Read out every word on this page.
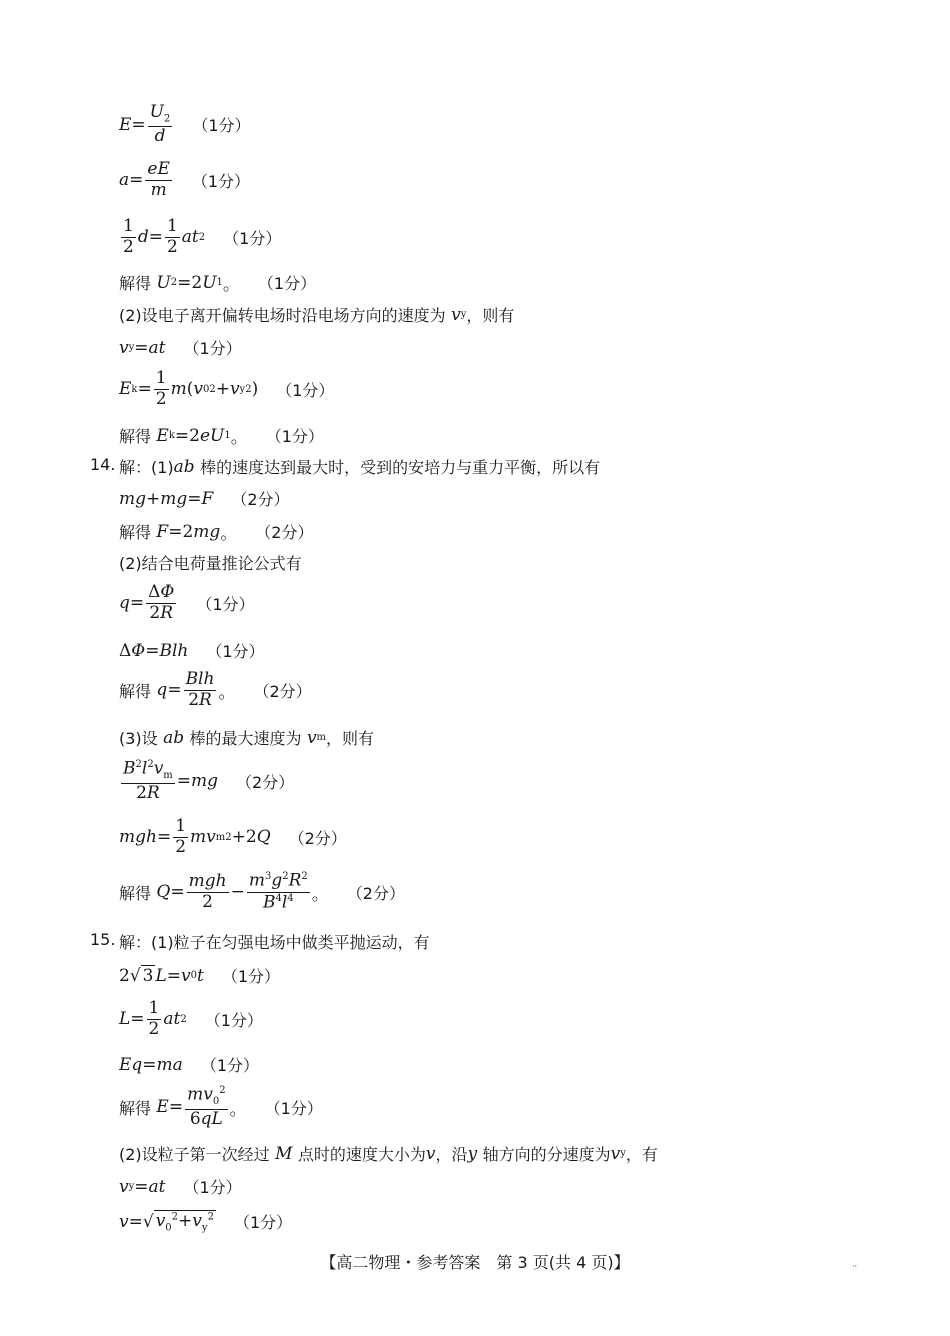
$E = \frac{U_2}{d} (1$分）
$a = \frac{eE}{m} (1$分）
$\frac{1}{2}$ $d = \frac{1}{2}$ at 2 （1分）
解得
U 2 =2 U 1 。 （1分）
(2)设电子离开偏转电场时沿电场方向的速度为
v y ，则有
v y = at （1分）
E $k = \frac{1}{2}$ m ( v 0 2 + v y 2 ) （1分）
解得
E k =2 eU 1 。 （1分）
14. 解：(1) ab
棒的速度达到最大时，受到的安培力与重力平衡，所以有
mg + mg = F （2分）
解得
F =2 mg 。 （2分）
(2)结合电荷量推论公式有
$q = \frac{\Delta\Phi}{2R} (1$分）
Δ Φ = Blh （1分）
解得
$q = \frac{\text{Blh}}{2R}$ 。 （2分）
(3)设
ab
棒的最大速度为
v m ，则有
$\frac{B^2l^2v_m}{2R}$ = mg （2分）
mgh = $\frac{1}{2}$ mv m 2 +2 Q （2分）
解得
$Q = \frac{\text{mgh}}{2} - \frac{m^3g^2R^2}{B^4l^4}$ 。 （2分）
15. 解：(1)粒子在匀强电场中做类平抛运动，有
2√ 3 L = v 0 t （1分）
$L = \frac{1}{2}$ at 2 （1分）
Eq = ma （1分）
解得
$E = \frac{mv_0^2}{6qL}$ 。 （1分）
(2)设粒子第一次经过
M
点时的速度大小为 v ，沿 y
轴方向的分速度为 v y ，有
v y = at （1分）
v =√ $v_0^2+v_y^2$ （1分）
【高二物理・参考答案　第 3 页(共 4 页)】	··
